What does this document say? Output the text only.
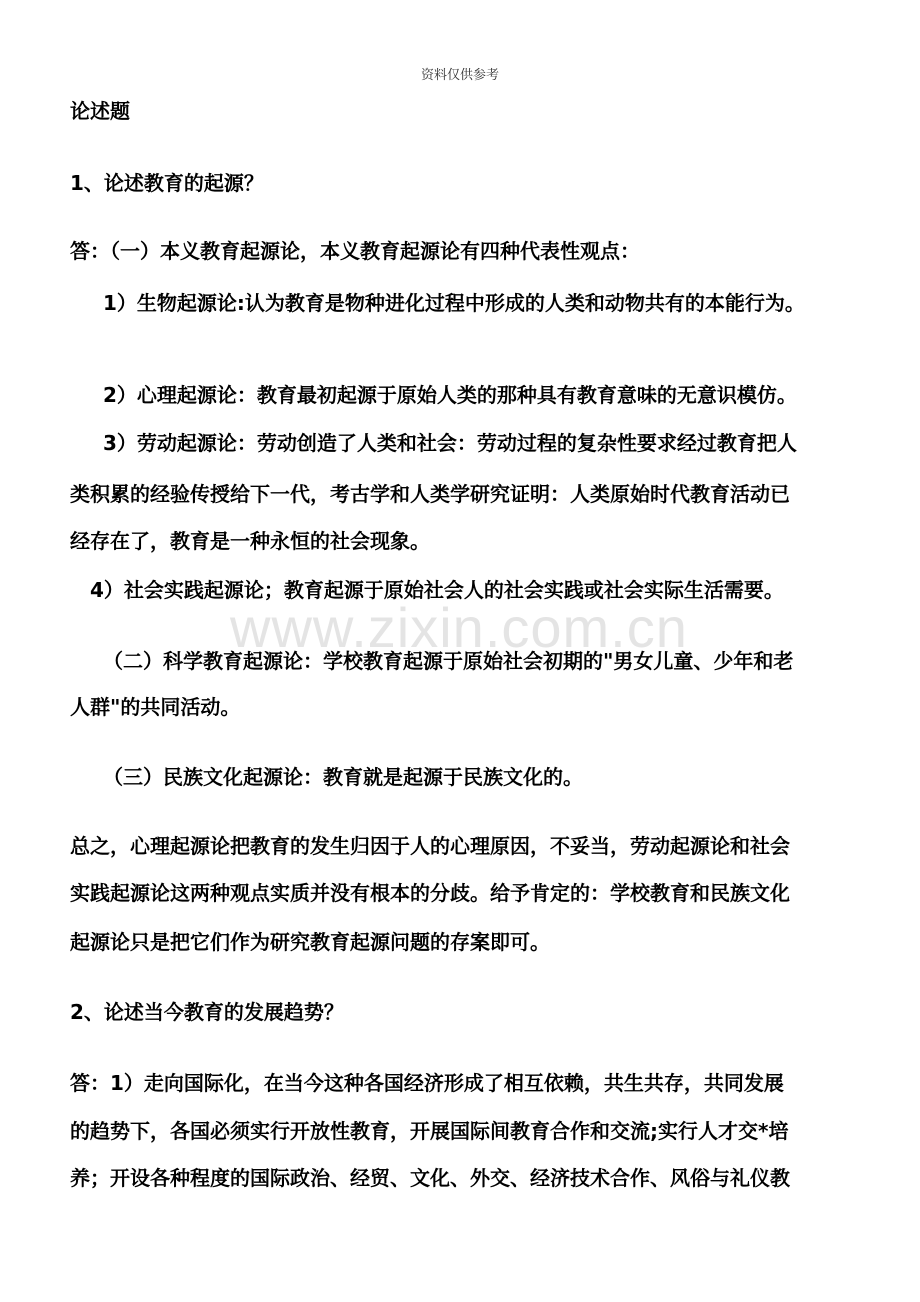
资料仅供参考
www.zixin.com.cn
论述题
1、论述教育的起源？
答：（一）本义教育起源论，本义教育起源论有四种代表性观点：
1）生物起源论:认为教育是物种进化过程中形成的人类和动物共有的本能行为。
2）心理起源论：教育最初起源于原始人类的那种具有教育意味的无意识模仿。
3）劳动起源论：劳动创造了人类和社会：劳动过程的复杂性要求经过教育把人
类积累的经验传授给下一代，考古学和人类学研究证明：人类原始时代教育活动已
经存在了，教育是一种永恒的社会现象。
4）社会实践起源论；教育起源于原始社会人的社会实践或社会实际生活需要。
（二）科学教育起源论：学校教育起源于原始社会初期的"男女儿童、少年和老
人群"的共同活动。
（三）民族文化起源论：教育就是起源于民族文化的。
总之，心理起源论把教育的发生归因于人的心理原因，不妥当，劳动起源论和社会
实践起源论这两种观点实质并没有根本的分歧。给予肯定的：学校教育和民族文化
起源论只是把它们作为研究教育起源问题的存案即可。
2、论述当今教育的发展趋势？
答：1）走向国际化，在当今这种各国经济形成了相互依赖，共生共存，共同发展
的趋势下，各国必须实行开放性教育，开展国际间教育合作和交流;实行人才交*培
养；开设各种程度的国际政治、经贸、文化、外交、经济技术合作、风俗与礼仪教
